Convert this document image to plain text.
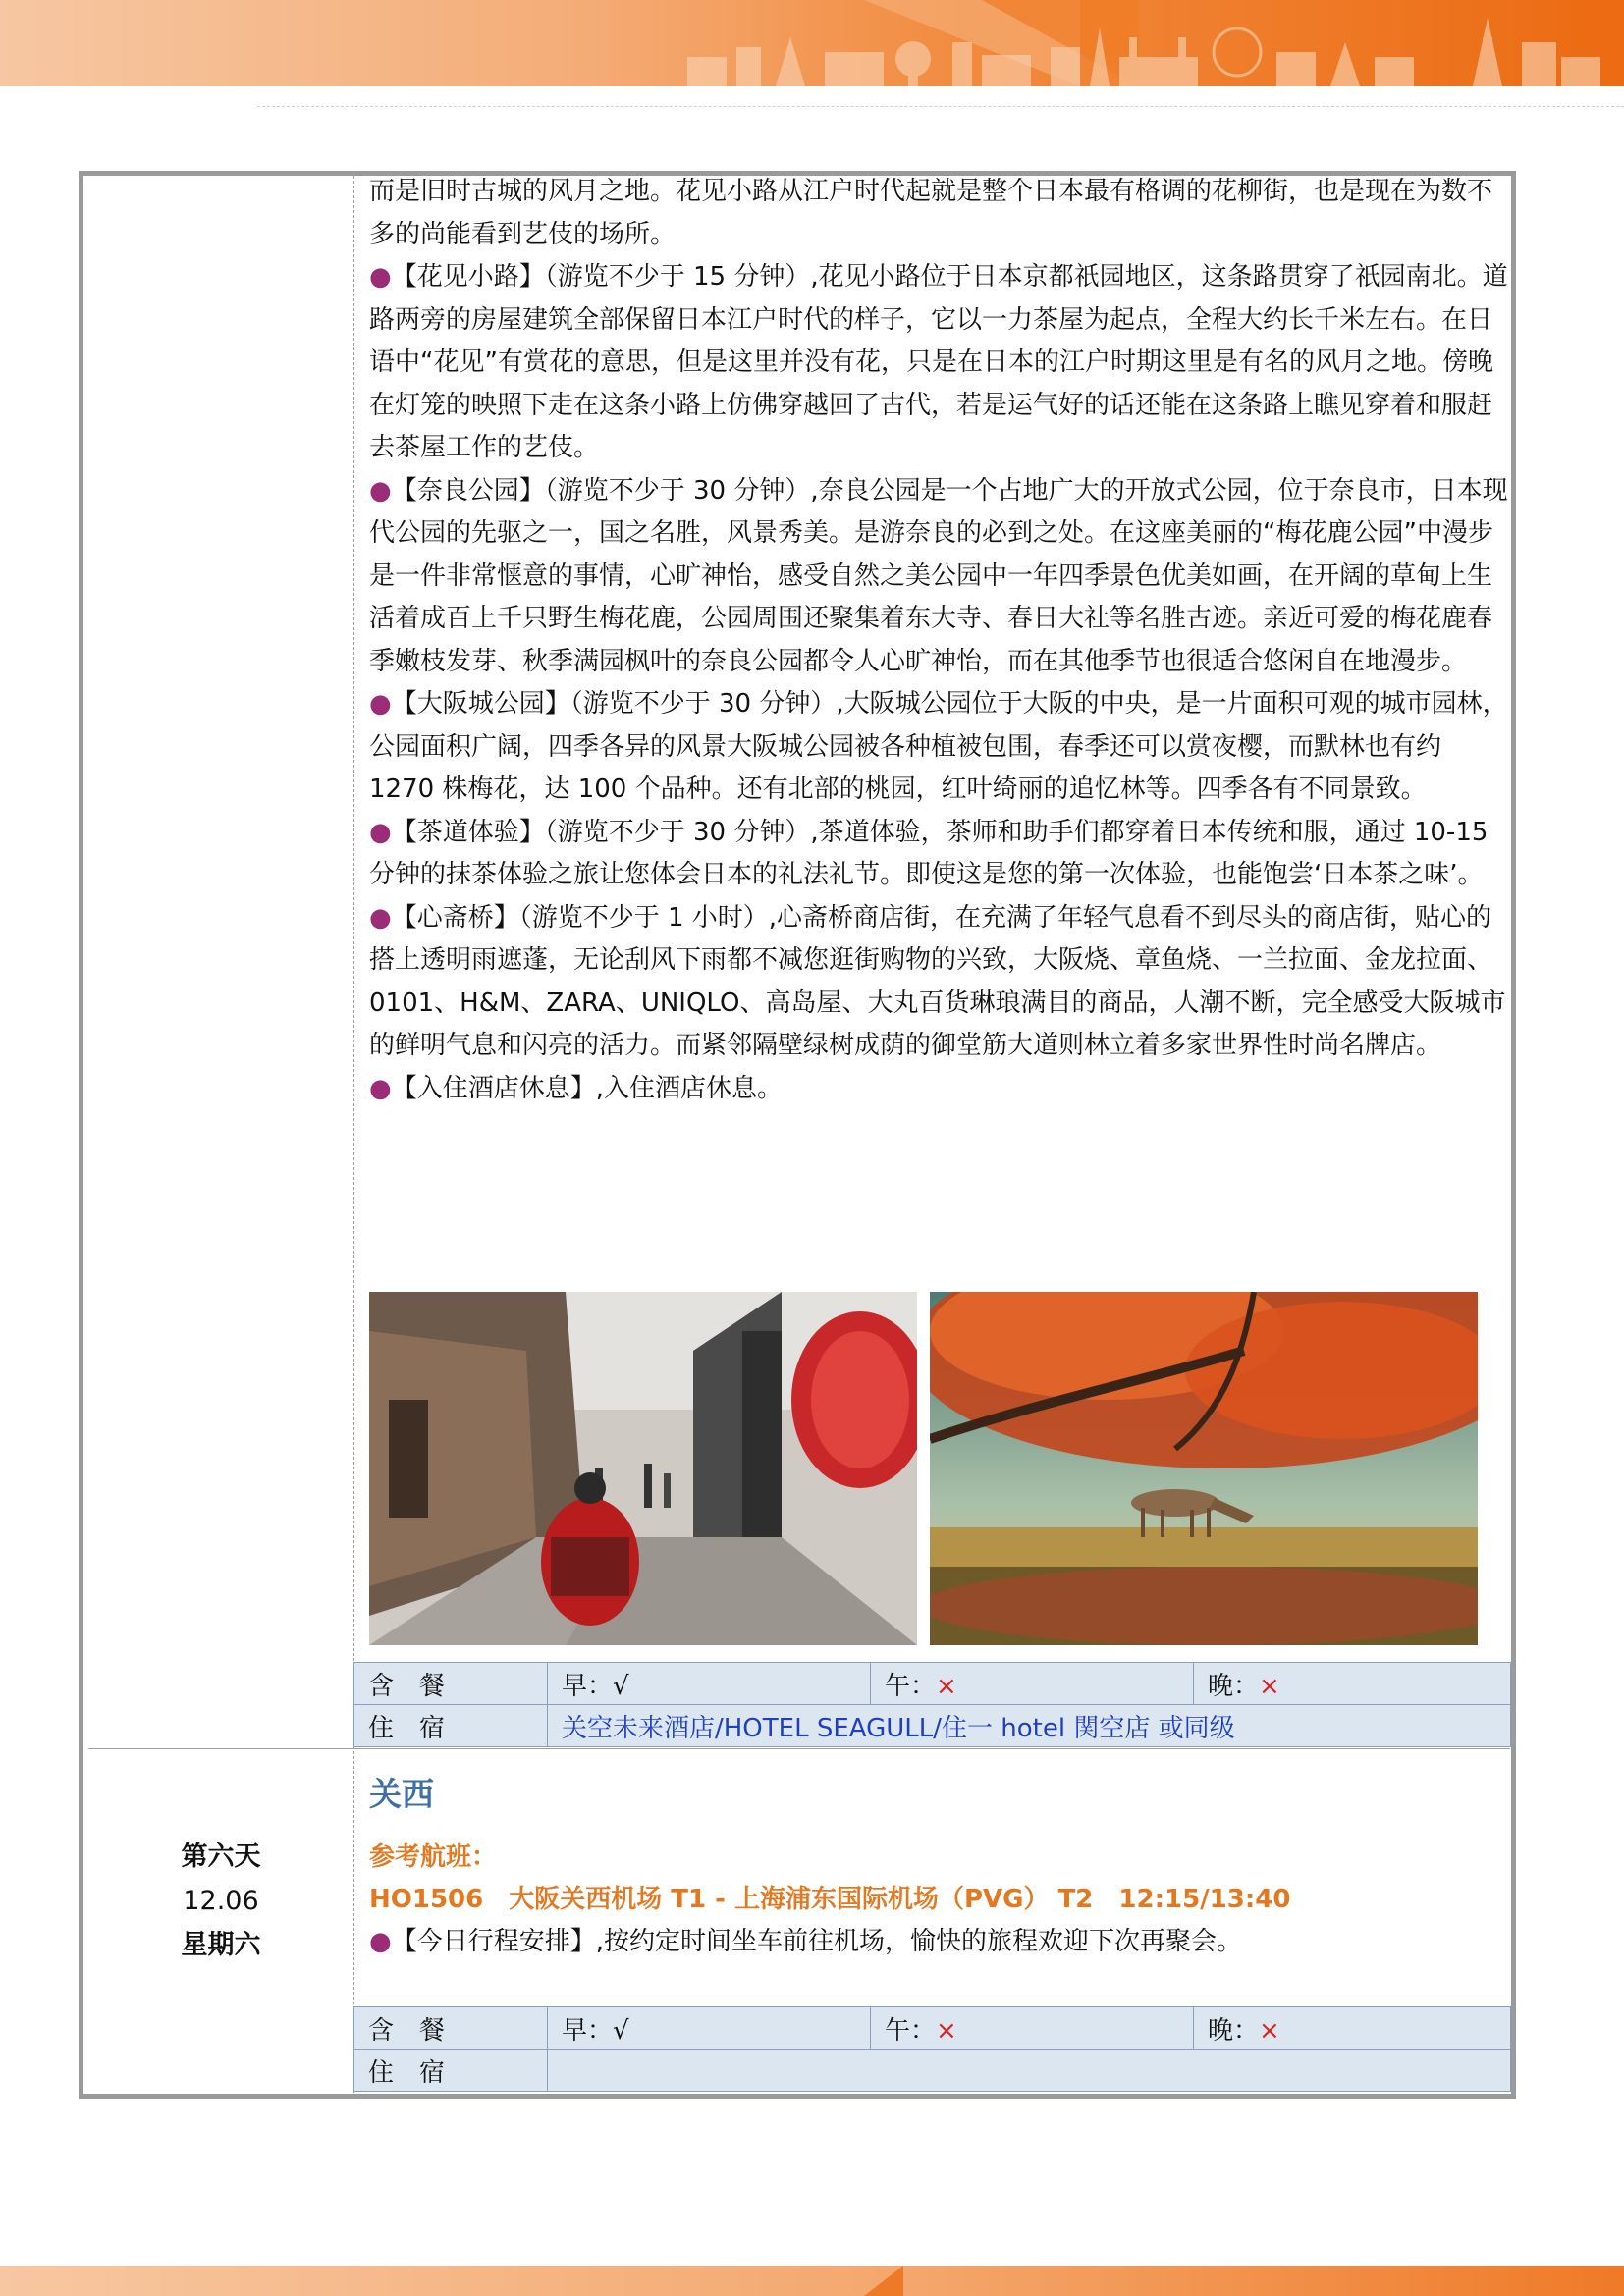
而是旧时古城的风月之地。花见小路从江户时代起就是整个日本最有格调的花柳街，也是现在为数不多的尚能看到艺伎的场所。

●【花见小路】（游览不少于 15 分钟）,花见小路位于日本京都祇园地区，这条路贯穿了祇园南北。道路两旁的房屋建筑全部保留日本江户时代的样子，它以一力茶屋为起点，全程大约长千米左右。在日语中“花见”有赏花的意思，但是这里并没有花，只是在日本的江户时期这里是有名的风月之地。傍晚在灯笼的映照下走在这条小路上仿佛穿越回了古代，若是运气好的话还能在这条路上瞧见穿着和服赶去茶屋工作的艺伎。

●【奈良公园】（游览不少于 30 分钟）,奈良公园是一个占地广大的开放式公园，位于奈良市，日本现代公园的先驱之一，国之名胜，风景秀美。是游奈良的必到之处。在这座美丽的“梅花鹿公园”中漫步是一件非常惬意的事情，心旷神怡，感受自然之美公园中一年四季景色优美如画，在开阔的草甸上生活着成百上千只野生梅花鹿，公园周围还聚集着东大寺、春日大社等名胜古迹。亲近可爱的梅花鹿春季嫩枝发芽、秋季满园枫叶的奈良公园都令人心旷神怡，而在其他季节也很适合悠闲自在地漫步。

●【大阪城公园】（游览不少于 30 分钟）,大阪城公园位于大阪的中央，是一片面积可观的城市园林，公园面积广阔，四季各异的风景大阪城公园被各种植被包围，春季还可以赏夜樱，而默林也有约 1270 株梅花，达 100 个品种。还有北部的桃园，红叶绮丽的追忆林等。四季各有不同景致。

●【茶道体验】（游览不少于 30 分钟）,茶道体验，茶师和助手们都穿着日本传统和服，通过 10-15 分钟的抹茶体验之旅让您体会日本的礼法礼节。即使这是您的第一次体验，也能饱尝‘日本茶之味’。

●【心斋桥】（游览不少于 1 小时）,心斋桥商店街，在充满了年轻气息看不到尽头的商店街，贴心的搭上透明雨遮蓬，无论刮风下雨都不减您逛街购物的兴致，大阪烧、章鱼烧、一兰拉面、金龙拉面、0101、H&M、ZARA、UNIQLO、高岛屋、大丸百货琳琅满目的商品，人潮不断，完全感受大阪城市的鲜明气息和闪亮的活力。而紧邻隔壁绿树成荫的御堂筋大道则林立着多家世界性时尚名牌店。

●【入住酒店休息】,入住酒店休息。

含　餐	早：√	午：×	晚：×
住　宿	关空未来酒店/HOTEL SEAGULL/住一 hotel 関空店 或同级		
第六天
12.06
星期六
关西
参考航班：
HO1506　大阪关西机场 T1 - 上海浦东国际机场（PVG） T2　12:15/13:40
●【今日行程安排】,按约定时间坐车前往机场，愉快的旅程欢迎下次再聚会。
含　餐	早：√	午：×	晚：×
住　宿			
